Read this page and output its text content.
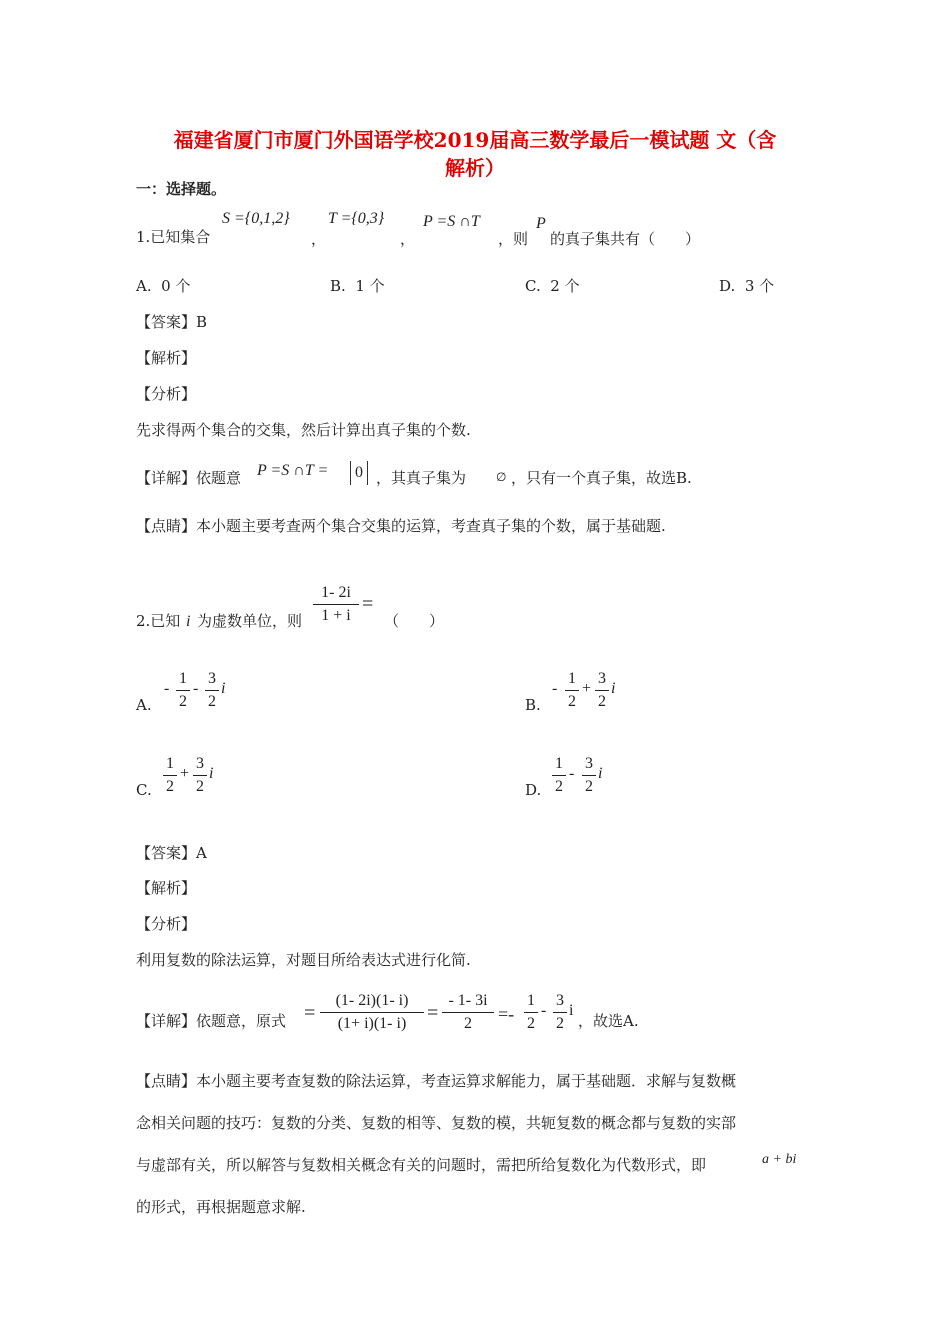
福建省厦门市厦门外国语学校2019届高三数学最后一模试题 文（含
解析）
一：选择题。
1.已知集合
S ={0,1,2}
，
T ={0,3}
，
P =S ∩T
，则
P
的真子集共有（　　）
A. 0 个	B. 1 个	C. 2 个	D. 3 个
【答案】B
【解析】
【分析】
先求得两个集合的交集，然后计算出真子集的个数.
【详解】依题意 P =S ∩T =	0 ，其真子集为 ∅ ，只有一个真子集，故选B.
【点睛】本小题主要考查两个集合交集的运算，考查真子集的个数，属于基础题.
2.已知 i 为虚数单位，则
1- 2i
1 + i
=
（　　）
A.
-
1
2
-
3
2
i
B.
-
1
2
+
3
2
i
C.
1
2
+
3
2
i
D.
1
2
-
3
2
i
【答案】A
【解析】
【分析】
利用复数的除法运算，对题目所给表达式进行化简.
【详解】依题意，原式 =
(1- 2i)(1- i)
(1+ i)(1- i)	=
- 1- 3i
2	=-
1
2
-
3
2
i
，故选A.
【点睛】本小题主要考查复数的除法运算，考查运算求解能力，属于基础题．求解与复数概
念相关问题的技巧：复数的分类、复数的相等、复数的模，共轭复数的概念都与复数的实部
与虚部有关，所以解答与复数相关概念有关的问题时，需把所给复数化为代数形式，即	a + bi
的形式，再根据题意求解.
